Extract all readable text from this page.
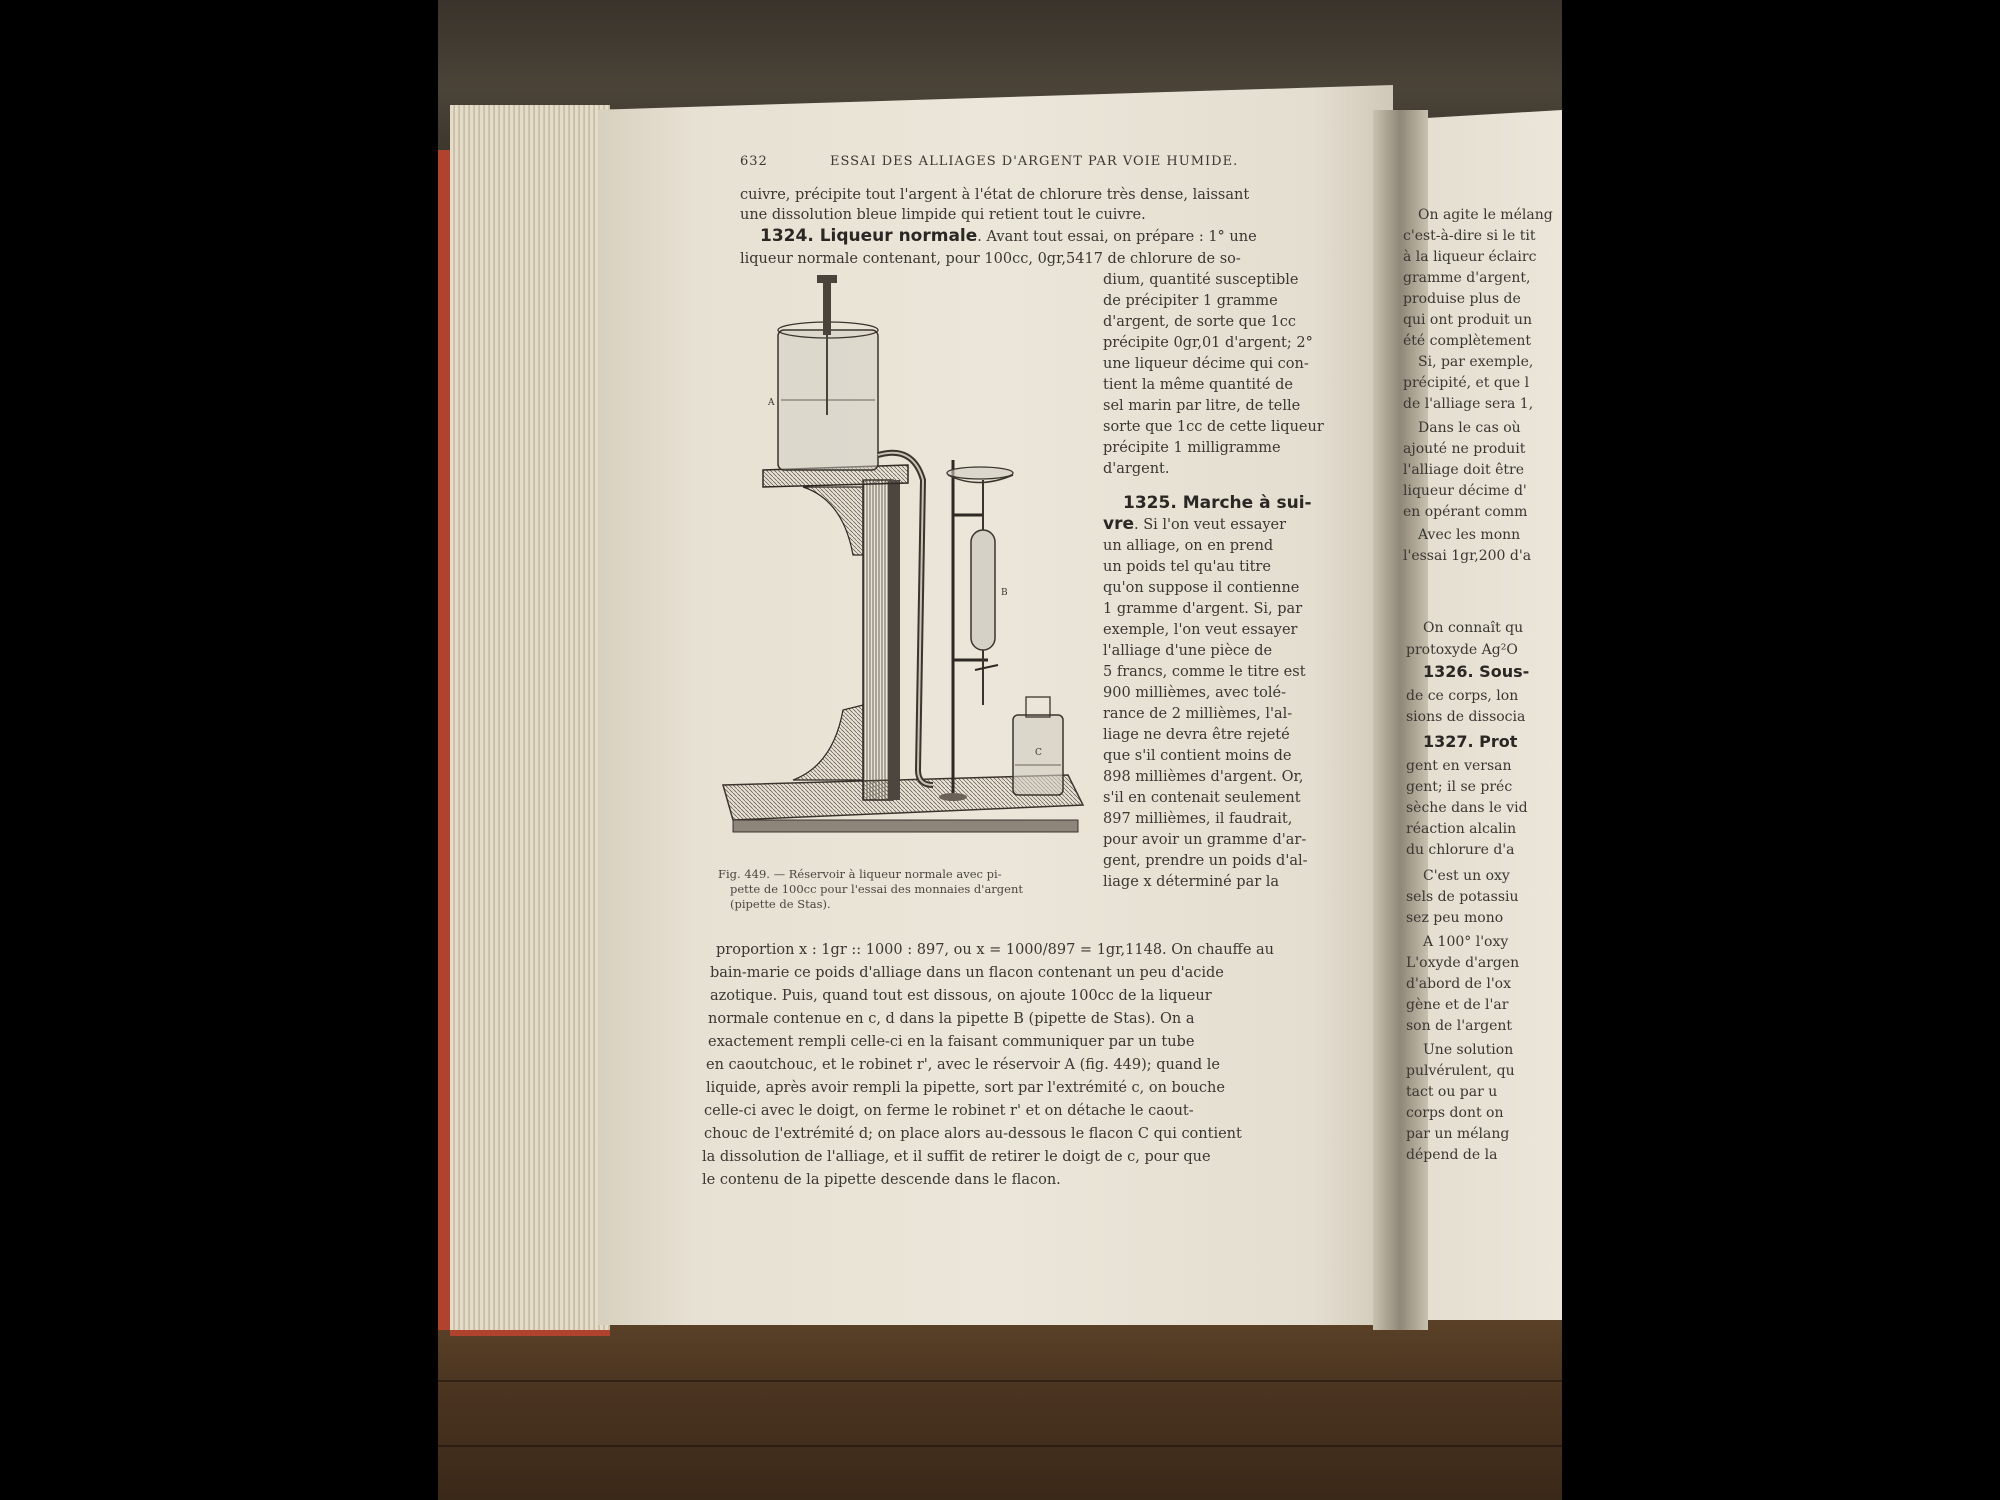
632	ESSAI DES ALLIAGES D'ARGENT PAR VOIE HUMIDE.
cuivre, précipite tout l'argent à l'état de chlorure très dense, laissant
une dissolution bleue limpide qui retient tout le cuivre.
1324. Liqueur normale. Avant tout essai, on prépare : 1° une
liqueur normale contenant, pour 100cc, 0gr,5417 de chlorure de so-
dium, quantité susceptible
de précipiter 1 gramme
d'argent, de sorte que 1cc
précipite 0gr,01 d'argent; 2°
une liqueur décime qui con-
tient la même quantité de
sel marin par litre, de telle
sorte que 1cc de cette liqueur
précipite 1 milligramme
d'argent.
1325. Marche à sui-
vre. Si l'on veut essayer
un alliage, on en prend
un poids tel qu'au titre
qu'on suppose il contienne
1 gramme d'argent. Si, par
exemple, l'on veut essayer
l'alliage d'une pièce de
5 francs, comme le titre est
900 millièmes, avec tolé-
rance de 2 millièmes, l'al-
liage ne devra être rejeté
que s'il contient moins de
898 millièmes d'argent. Or,
s'il en contenait seulement
897 millièmes, il faudrait,
pour avoir un gramme d'ar-
gent, prendre un poids d'al-
liage x déterminé par la
A
B
C
Fig. 449. — Réservoir à liqueur normale avec pi-
pette de 100cc pour l'essai des monnaies d'argent
(pipette de Stas).
proportion x : 1gr :: 1000 : 897, ou x = 1000/897 = 1gr,1148. On chauffe au
bain-marie ce poids d'alliage dans un flacon contenant un peu d'acide
azotique. Puis, quand tout est dissous, on ajoute 100cc de la liqueur
normale contenue en c, d dans la pipette B (pipette de Stas). On a
exactement rempli celle-ci en la faisant communiquer par un tube
en caoutchouc, et le robinet r', avec le réservoir A (fig. 449); quand le
liquide, après avoir rempli la pipette, sort par l'extrémité c, on bouche
celle-ci avec le doigt, on ferme le robinet r' et on détache le caout-
chouc de l'extrémité d; on place alors au-dessous le flacon C qui contient
la dissolution de l'alliage, et il suffit de retirer le doigt de c, pour que
le contenu de la pipette descende dans le flacon.
On agite le mélang
c'est-à-dire si le tit
à la liqueur éclairc
gramme d'argent,
produise plus de
qui ont produit un
été complètement
Si, par exemple,
précipité, et que l
de l'alliage sera 1,
Dans le cas où
ajouté ne produit
l'alliage doit être
liqueur décime d'
en opérant comm
Avec les monn
l'essai 1gr,200 d'a
On connaît qu
protoxyde Ag²O
1326. Sous-
de ce corps, lon
sions de dissocia
1327. Prot
gent en versan
gent; il se préc
sèche dans le vid
réaction alcalin
du chlorure d'a
C'est un oxy
sels de potassiu
sez peu mono
A 100° l'oxy
L'oxyde d'argen
d'abord de l'ox
gène et de l'ar
son de l'argent
Une solution
pulvérulent, qu
tact ou par u
corps dont on
par un mélang
dépend de la
